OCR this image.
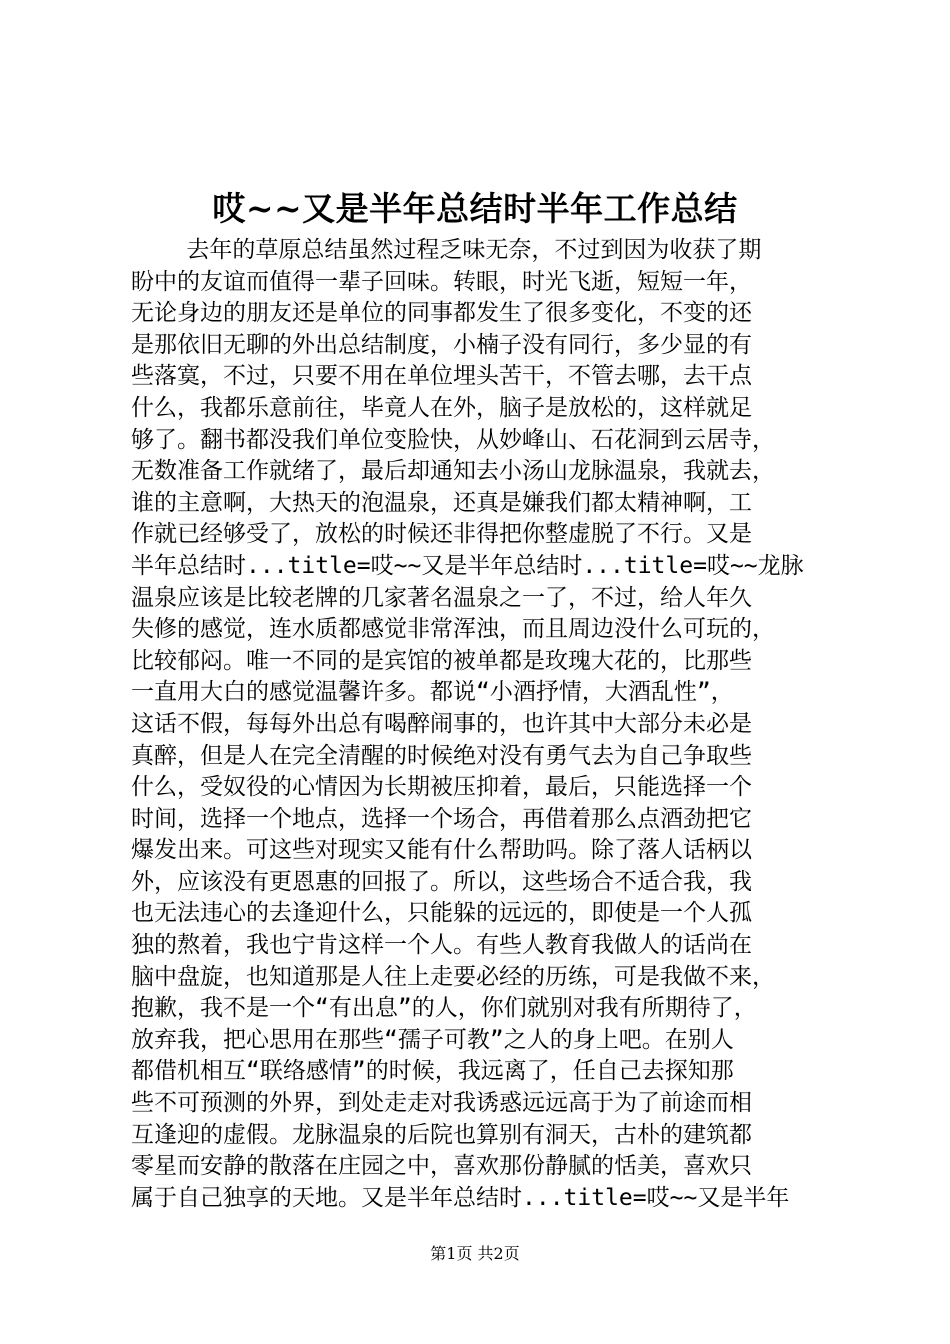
哎~~又是半年总结时半年工作总结
去年的草原总结虽然过程乏味无奈，不过到因为收获了期
盼中的友谊而值得一辈子回味。转眼，时光飞逝，短短一年，
无论身边的朋友还是单位的同事都发生了很多变化，不变的还
是那依旧无聊的外出总结制度，小楠子没有同行，多少显的有
些落寞，不过，只要不用在单位埋头苦干，不管去哪，去干点
什么，我都乐意前往，毕竟人在外，脑子是放松的，这样就足
够了。翻书都没我们单位变脸快，从妙峰山、石花洞到云居寺，
无数准备工作就绪了，最后却通知去小汤山龙脉温泉，我就去，
谁的主意啊，大热天的泡温泉，还真是嫌我们都太精神啊，工
作就已经够受了，放松的时候还非得把你整虚脱了不行。又是
半年总结时...title=哎~~又是半年总结时...title=哎~~龙脉
温泉应该是比较老牌的几家著名温泉之一了，不过，给人年久
失修的感觉，连水质都感觉非常浑浊，而且周边没什么可玩的，
比较郁闷。唯一不同的是宾馆的被单都是玫瑰大花的，比那些
一直用大白的感觉温馨许多。都说“小酒抒情，大酒乱性”，
这话不假，每每外出总有喝醉闹事的，也许其中大部分未必是
真醉，但是人在完全清醒的时候绝对没有勇气去为自己争取些
什么，受奴役的心情因为长期被压抑着，最后，只能选择一个
时间，选择一个地点，选择一个场合，再借着那么点酒劲把它
爆发出来。可这些对现实又能有什么帮助吗。除了落人话柄以
外，应该没有更恩惠的回报了。所以，这些场合不适合我，我
也无法违心的去逢迎什么，只能躲的远远的，即使是一个人孤
独的熬着，我也宁肯这样一个人。有些人教育我做人的话尚在
脑中盘旋，也知道那是人往上走要必经的历练，可是我做不来，
抱歉，我不是一个“有出息”的人，你们就别对我有所期待了，
放弃我，把心思用在那些“孺子可教”之人的身上吧。在别人
都借机相互“联络感情”的时候，我远离了，任自己去探知那
些不可预测的外界，到处走走对我诱惑远远高于为了前途而相
互逢迎的虚假。龙脉温泉的后院也算别有洞天，古朴的建筑都
零星而安静的散落在庄园之中，喜欢那份静腻的恬美，喜欢只
属于自己独享的天地。又是半年总结时...title=哎~~又是半年
第1页 共2页
